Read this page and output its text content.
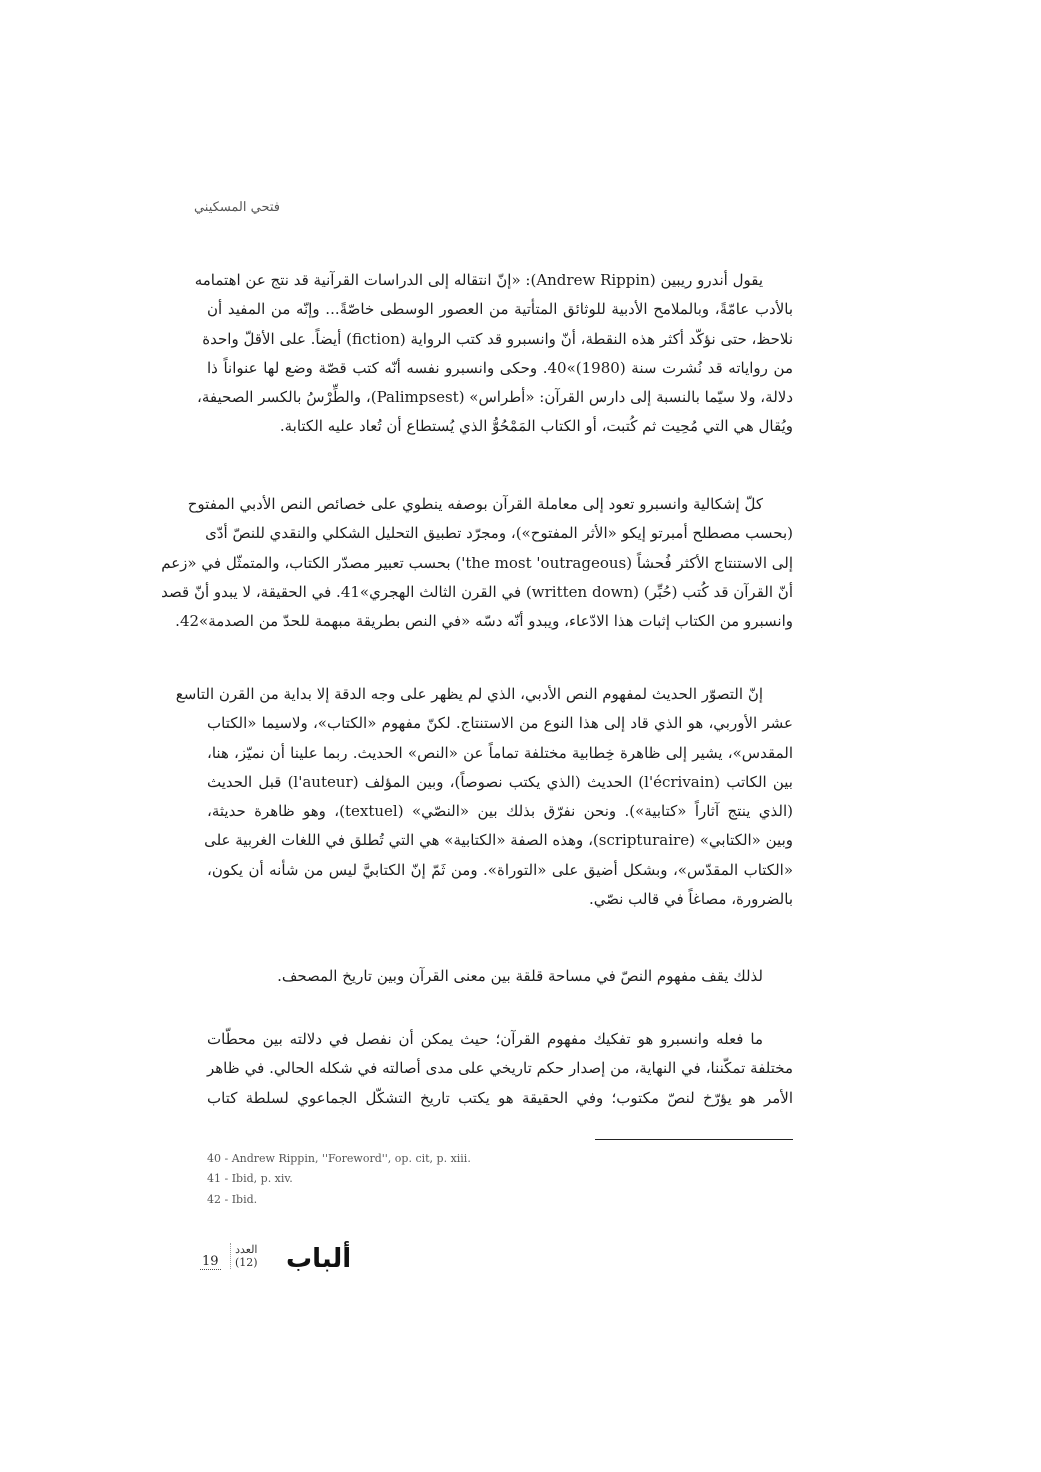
فتحي المسكيني
يقول أندرو ريبين (Andrew Rippin): «إنّ انتقاله إلى الدراسات القرآنية قد نتج عن اهتمامه
بالأدب عامّةً، وبالملامح الأدبية للوثائق المتأتية من العصور الوسطى خاصّةً... وإنّه من المفيد أن
نلاحظ، حتى نؤكّد أكثر هذه النقطة، أنّ وانسبرو قد كتب الرواية (fiction) أيضاً. على الأقلّ واحدة
من رواياته قد نُشرت سنة (1980)»40. وحكى وانسبرو نفسه أنّه كتب قصّة وضع لها عنواناً ذا
دلالة، ولا سيّما بالنسبة إلى دارس القرآن: «أطراس» (Palimpsest)، والطِّرْسُ بالكسر الصحيفة،
ويُقال هي التي مُحِيت ثم كُتبت، أو الكتاب المَمْحُوُّ الذي يُستطاع أن تُعاد عليه الكتابة.
كلّ إشكالية وانسبرو تعود إلى معاملة القرآن بوصفه ينطوي على خصائص النص الأدبي المفتوح
(بحسب مصطلح أمبرتو إيكو «الأثر المفتوح»)، ومجرّد تطبيق التحليل الشكلي والنقدي للنصّ أدّى
إلى الاستنتاج الأكثر فُحشاً (the most 'outrageous') بحسب تعبير مصدّر الكتاب، والمتمثّل في «زعم
أنّ القرآن قد كُتب (حُبِّر) (written down) في القرن الثالث الهجري»41. في الحقيقة، لا يبدو أنّ قصد
وانسبرو من الكتاب إثبات هذا الادّعاء، ويبدو أنّه دسّه «في النص بطريقة مبهمة للحدّ من الصدمة»42.
إنّ التصوّر الحديث لمفهوم النص الأدبي، الذي لم يظهر على وجه الدقة إلا بداية من القرن التاسع
عشر الأوربي، هو الذي قاد إلى هذا النوع من الاستنتاج. لكنّ مفهوم «الكتاب»، ولاسيما «الكتاب
المقدس»، يشير إلى ظاهرة خِطابية مختلفة تماماً عن «النص» الحديث. ربما علينا أن نميّز، هنا،
بين الكاتب (l'écrivain) الحديث (الذي يكتب نصوصاً)، وبين المؤلف (l'auteur) قبل الحديث
(الذي ينتج آثاراً «كتابية»). ونحن نفرّق بذلك بين «النصّي» (textuel)، وهو ظاهرة حديثة،
وبين «الكتابي» (scripturaire)، وهذه الصفة «الكتابية» هي التي تُطلق في اللغات الغربية على
«الكتاب المقدّس»، وبشكل أضيق على «التوراة». ومن ثَمّ إنّ الكتابيَّ ليس من شأنه أن يكون،
بالضرورة، مصاغاً في قالب نصّي.
لذلك يقف مفهوم النصّ في مساحة قلقة بين معنى القرآن وبين تاريخ المصحف.
ما فعله وانسبرو هو تفكيك مفهوم القرآن؛ حيث يمكن أن نفصل في دلالته بين محطّات
مختلفة تمكّننا، في النهاية، من إصدار حكم تاريخي على مدى أصالته في شكله الحالي. في ظاهر
الأمر هو يؤرّخ لنصّ مكتوب؛ وفي الحقيقة هو يكتب تاريخ التشكّل الجماعوي لسلطة كتاب
40 - Andrew Rippin, ''Foreword'', op. cit, p. xiii.
41 - Ibid, p. xiv.
42 - Ibid.
19
العدد
(12) ألباب
